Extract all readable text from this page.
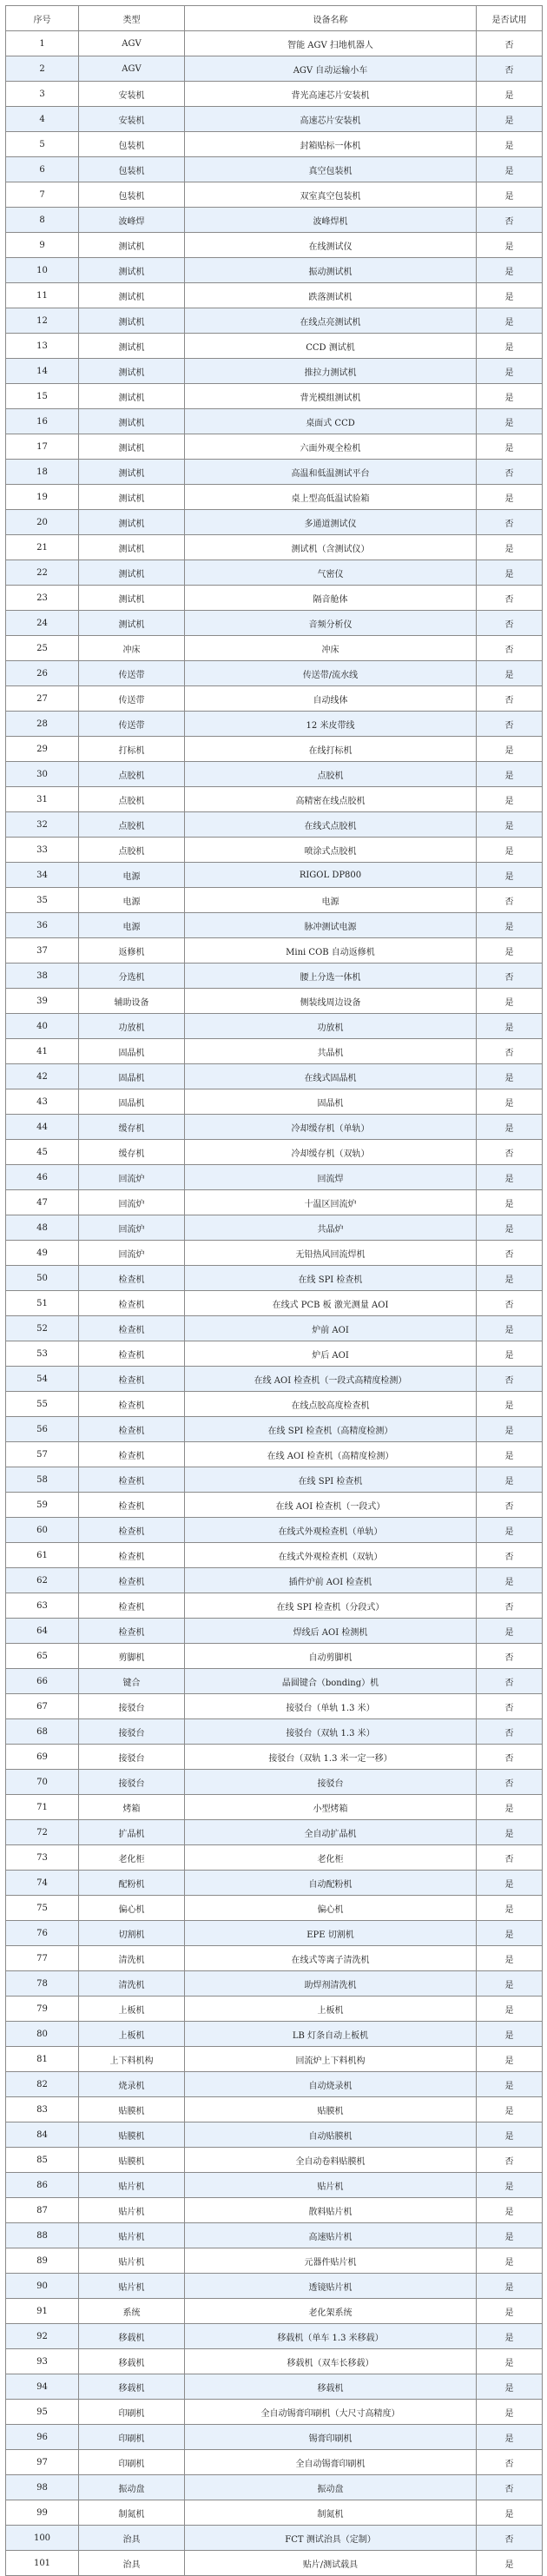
序号	类型	设备名称	是否试用
1	AGV	智能 AGV 扫地机器人	否
2	AGV	AGV 自动运输小车	否
3	安装机	背光高速芯片安装机	是
4	安装机	高速芯片安装机	是
5	包装机	封箱贴标一体机	是
6	包装机	真空包装机	是
7	包装机	双室真空包装机	是
8	波峰焊	波峰焊机	否
9	测试机	在线测试仪	是
10	测试机	振动测试机	是
11	测试机	跌落测试机	是
12	测试机	在线点亮测试机	是
13	测试机	CCD 测试机	是
14	测试机	推拉力测试机	是
15	测试机	背光模组测试机	是
16	测试机	桌面式 CCD	是
17	测试机	六面外观全检机	是
18	测试机	高温和低温测试平台	否
19	测试机	桌上型高低温试验箱	是
20	测试机	多通道测试仪	否
21	测试机	测试机（含测试仪）	是
22	测试机	气密仪	是
23	测试机	隔音舱体	否
24	测试机	音频分析仪	否
25	冲床	冲床	否
26	传送带	传送带/流水线	是
27	传送带	自动线体	否
28	传送带	12 米皮带线	否
29	打标机	在线打标机	是
30	点胶机	点胶机	是
31	点胶机	高精密在线点胶机	是
32	点胶机	在线式点胶机	是
33	点胶机	喷涂式点胶机	是
34	电源	RIGOL DP800	是
35	电源	电源	否
36	电源	脉冲测试电源	是
37	返修机	Mini COB 自动返修机	是
38	分选机	腰上分选一体机	否
39	辅助设备	侧装线周边设备	是
40	功放机	功放机	是
41	固晶机	共晶机	否
42	固晶机	在线式固晶机	是
43	固晶机	固晶机	是
44	缓存机	冷却缓存机（单轨）	是
45	缓存机	冷却缓存机（双轨）	否
46	回流炉	回流焊	是
47	回流炉	十温区回流炉	是
48	回流炉	共晶炉	是
49	回流炉	无铅热风回流焊机	否
50	检查机	在线 SPI 检查机	是
51	检查机	在线式 PCB 板 激光测量 AOI	否
52	检查机	炉前 AOI	是
53	检查机	炉后 AOI	是
54	检查机	在线 AOI 检查机（一段式高精度检测）	否
55	检查机	在线点胶高度检查机	是
56	检查机	在线 SPI 检查机（高精度检测）	是
57	检查机	在线 AOI 检查机（高精度检测）	是
58	检查机	在线 SPI 检查机	是
59	检查机	在线 AOI 检查机（一段式）	否
60	检查机	在线式外观检查机（单轨）	是
61	检查机	在线式外观检查机（双轨）	否
62	检查机	插件炉前 AOI 检查机	是
63	检查机	在线 SPI 检查机（分段式）	否
64	检查机	焊线后 AOI 检测机	是
65	剪脚机	自动剪脚机	否
66	键合	晶圆键合（bonding）机	否
67	接驳台	接驳台（单轨 1.3 米）	否
68	接驳台	接驳台（双轨 1.3 米）	否
69	接驳台	接驳台（双轨 1.3 米一定一移）	否
70	接驳台	接驳台	否
71	烤箱	小型烤箱	是
72	扩晶机	全自动扩晶机	是
73	老化柜	老化柜	否
74	配粉机	自动配粉机	是
75	偏心机	偏心机	是
76	切割机	EPE 切割机	是
77	清洗机	在线式等离子清洗机	是
78	清洗机	助焊剂清洗机	是
79	上板机	上板机	是
80	上板机	LB 灯条自动上板机	是
81	上下料机构	回流炉上下料机构	是
82	烧录机	自动烧录机	是
83	贴膜机	贴膜机	是
84	贴膜机	自动贴膜机	是
85	贴膜机	全自动卷料贴膜机	否
86	贴片机	贴片机	是
87	贴片机	散料贴片机	是
88	贴片机	高速贴片机	是
89	贴片机	元器件贴片机	是
90	贴片机	透镜贴片机	是
91	系统	老化架系统	是
92	移载机	移载机（单车 1.3 米移载）	是
93	移载机	移载机（双车长移载）	是
94	移载机	移载机	是
95	印刷机	全自动锡膏印刷机（大尺寸高精度）	是
96	印刷机	锡膏印刷机	是
97	印刷机	全自动锡膏印刷机	否
98	振动盘	振动盘	否
99	制氮机	制氮机	是
100	治具	FCT 测试治具（定制）	否
101	治具	贴片/测试载具	是
